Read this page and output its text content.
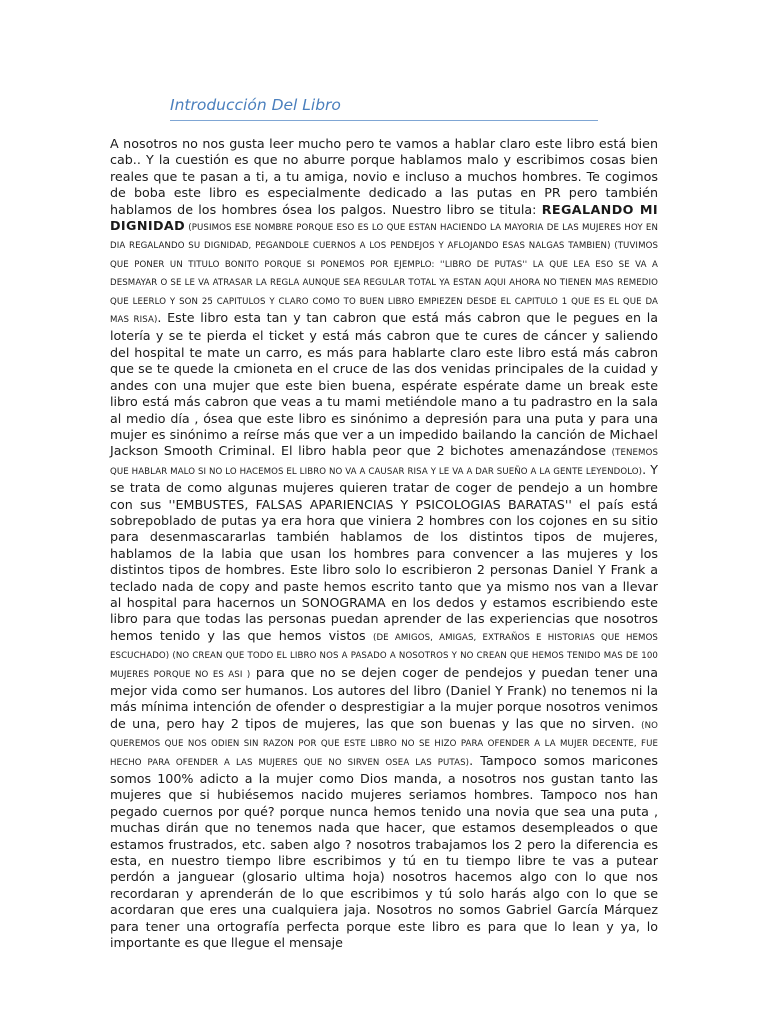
Introducción Del Libro

A nosotros no nos gusta leer mucho pero te vamos a hablar claro este libro está bien cab.. Y la cuestión es que no aburre porque hablamos malo y escribimos cosas bien reales que te pasan a ti, a tu amiga, novio e incluso a muchos hombres. Te cogimos de boba este libro es especialmente dedicado a las putas en PR pero también hablamos de los hombres ósea los palgos. Nuestro libro se titula: REGALANDO MI DIGNIDAD (PUSIMOS ESE NOMBRE PORQUE ESO ES LO QUE ESTAN HACIENDO LA MAYORIA DE LAS MUJERES HOY EN DIA REGALANDO SU DIGNIDAD, PEGANDOLE CUERNOS A LOS PENDEJOS Y AFLOJANDO ESAS NALGAS TAMBIEN) (TUVIMOS QUE PONER UN TITULO BONITO PORQUE SI PONEMOS POR EJEMPLO: ''LIBRO DE PUTAS'' LA QUE LEA ESO SE VA A DESMAYAR O SE LE VA ATRASAR LA REGLA AUNQUE SEA REGULAR TOTAL YA ESTAN AQUI AHORA NO TIENEN MAS REMEDIO QUE LEERLO Y SON 25 CAPITULOS Y CLARO COMO TO BUEN LIBRO EMPIEZEN DESDE EL CAPITULO 1 QUE ES EL QUE DA MAS RISA). Este libro esta tan y tan cabron que está más cabron que le pegues en la lotería y se te pierda el ticket y está más cabron que te cures de cáncer y saliendo del hospital te mate un carro, es más para hablarte claro este libro está más cabron que se te quede la cmioneta en el cruce de las dos venidas principales de la cuidad y andes con una mujer que este bien buena, espérate espérate dame un break este libro está más cabron que veas a tu mami metiéndole mano a tu padrastro en la sala al medio día , ósea que este libro es sinónimo a depresión para una puta y para una mujer es sinónimo a reírse más que ver a un impedido bailando la canción de Michael Jackson Smooth Criminal. El libro habla peor que 2 bichotes amenazándose (TENEMOS QUE HABLAR MALO SI NO LO HACEMOS EL LIBRO NO VA A CAUSAR RISA Y LE VA A DAR SUEÑO A LA GENTE LEYENDOLO). Y se trata de como algunas mujeres quieren tratar de coger de pendejo a un hombre con sus ''EMBUSTES, FALSAS APARIENCIAS Y PSICOLOGIAS BARATAS'' el país está sobrepoblado de putas ya era hora que viniera 2 hombres con los cojones en su sitio para desenmascararlas también hablamos de los distintos tipos de mujeres, hablamos de la labia que usan los hombres para convencer a las mujeres y los distintos tipos de hombres. Este libro solo lo escribieron 2 personas Daniel Y Frank a teclado nada de copy and paste hemos escrito tanto que ya mismo nos van a llevar al hospital para hacernos un SONOGRAMA en los dedos y estamos escribiendo este libro para que todas las personas puedan aprender de las experiencias que nosotros hemos tenido y las que hemos vistos (DE AMIGOS, AMIGAS, EXTRAÑOS E HISTORIAS QUE HEMOS ESCUCHADO) (NO CREAN QUE TODO EL LIBRO NOS A PASADO A NOSOTROS Y NO CREAN QUE HEMOS TENIDO MAS DE 100 MUJERES PORQUE NO ES ASI ) para que no se dejen coger de pendejos y puedan tener una mejor vida como ser humanos. Los autores del libro (Daniel Y Frank) no tenemos ni la más mínima intención de ofender o desprestigiar a la mujer porque nosotros venimos de una, pero hay 2 tipos de mujeres, las que son buenas y las que no sirven. (NO QUEREMOS QUE NOS ODIEN SIN RAZON POR QUE ESTE LIBRO NO SE HIZO PARA OFENDER A LA MUJER DECENTE, FUE HECHO PARA OFENDER A LAS MUJERES QUE NO SIRVEN OSEA LAS PUTAS). Tampoco somos maricones somos 100% adicto a la mujer como Dios manda, a nosotros nos gustan tanto las mujeres que si hubiésemos nacido mujeres seriamos hombres. Tampoco nos han pegado cuernos por qué? porque nunca hemos tenido una novia que sea una puta , muchas dirán que no tenemos nada que hacer, que estamos desempleados o que estamos frustrados, etc. saben algo ? nosotros trabajamos los 2 pero la diferencia es esta, en nuestro tiempo libre escribimos y tú en tu tiempo libre te vas a putear perdón a janguear (glosario ultima hoja) nosotros hacemos algo con lo que nos recordaran y aprenderán de lo que escribimos y tú solo harás algo con lo que se acordaran que eres una cualquiera jaja. Nosotros no somos Gabriel García Márquez para tener una ortografía perfecta porque este libro es para que lo lean y ya, lo importante es que llegue el mensaje
